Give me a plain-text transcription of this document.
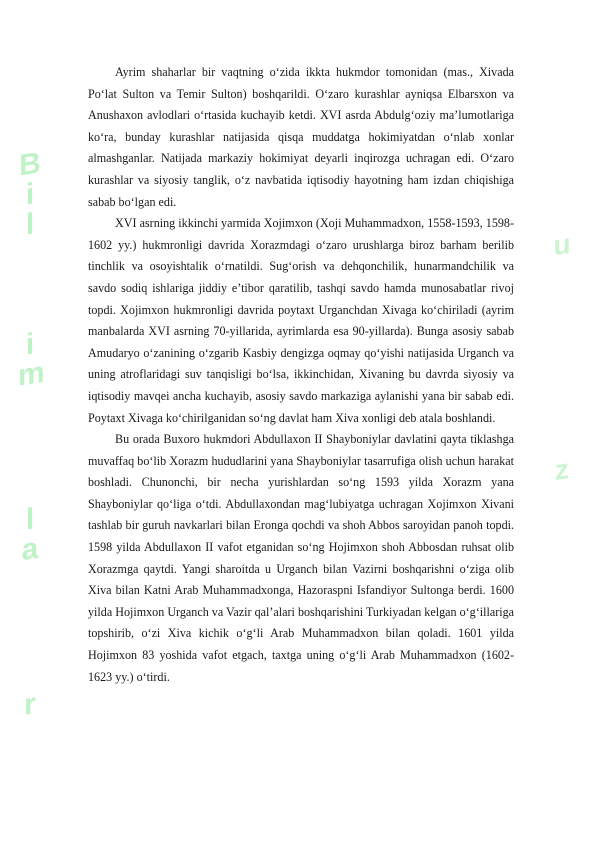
B
i
l
i
m
l
a
r
u
z

Ayrim shaharlar bir vaqtning o‘zida ikkta hukmdor tomonidan (mas., Xivada Po‘lat Sulton va Temir Sulton) boshqarildi. O‘zaro kurashlar ayniqsa Elbarsxon va Anushaxon avlodlari o‘rtasida kuchayib ketdi. XVI asrda Abdulg‘oziy ma’lumotlariga ko‘ra, bunday kurashlar natijasida qisqa muddatga hokimiyatdan o‘nlab xonlar almashganlar. Natijada markaziy hokimiyat deyarli inqirozga uchragan edi. O‘zaro kurashlar va siyosiy tanglik, o‘z navbatida iqtisodiy hayotning ham izdan chiqishiga sabab bo‘lgan edi.

XVI asrning ikkinchi yarmida Xojimxon (Xoji Muhammadxon, 1558-1593, 1598-1602 yy.) hukmronligi davrida Xorazmdagi o‘zaro urushlarga biroz barham berilib tinchlik va osoyishtalik o‘rnatildi. Sug‘orish va dehqonchilik, hunarmandchilik va savdo sodiq ishlariga jiddiy e’tibor qaratilib, tashqi savdo hamda munosabatlar rivoj topdi. Xojimxon hukmronligi davrida poytaxt Urganchdan Xivaga ko‘chiriladi (ayrim manbalarda XVI asrning 70-yillarida, ayrimlarda esa 90-yillarda). Bunga asosiy sabab Amudaryo o‘zanining o‘zgarib Kasbiy dengizga oqmay qo‘yishi natijasida Urganch va uning atroflaridagi suv tanqisligi bo‘lsa, ikkinchidan, Xivaning bu davrda siyosiy va iqtisodiy mavqei ancha kuchayib, asosiy savdo markaziga aylanishi yana bir sabab edi. Poytaxt Xivaga ko‘chirilganidan so‘ng davlat ham Xiva xonligi deb atala boshlandi.

Bu orada Buxoro hukmdori Abdullaxon II Shayboniylar davlatini qayta tiklashga muvaffaq bo‘lib Xorazm hududlarini yana Shayboniylar tasarrufiga olish uchun harakat boshladi. Chunonchi, bir necha yurishlardan so‘ng 1593 yilda Xorazm yana Shayboniylar qo‘liga o‘tdi. Abdullaxondan mag‘lubiyatga uchragan Xojimxon Xivani tashlab bir guruh navkarlari bilan Eronga qochdi va shoh Abbos saroyidan panoh topdi. 1598 yilda Abdullaxon II vafot etganidan so‘ng Hojimxon shoh Abbosdan ruhsat olib Xorazmga qaytdi. Yangi sharoitda u Urganch bilan Vazirni boshqarishni o‘ziga olib Xiva bilan Katni Arab Muhammadxonga, Hazoraspni Isfandiyor Sultonga berdi. 1600 yilda Hojimxon Urganch va Vazir qal’alari boshqarishini Turkiyadan kelgan o‘g‘illariga topshirib, o‘zi Xiva kichik o‘g‘li Arab Muhammadxon bilan qoladi. 1601 yilda Hojimxon 83 yoshida vafot etgach, taxtga uning o‘g‘li Arab Muhammadxon (1602-1623 yy.) o‘tirdi.
